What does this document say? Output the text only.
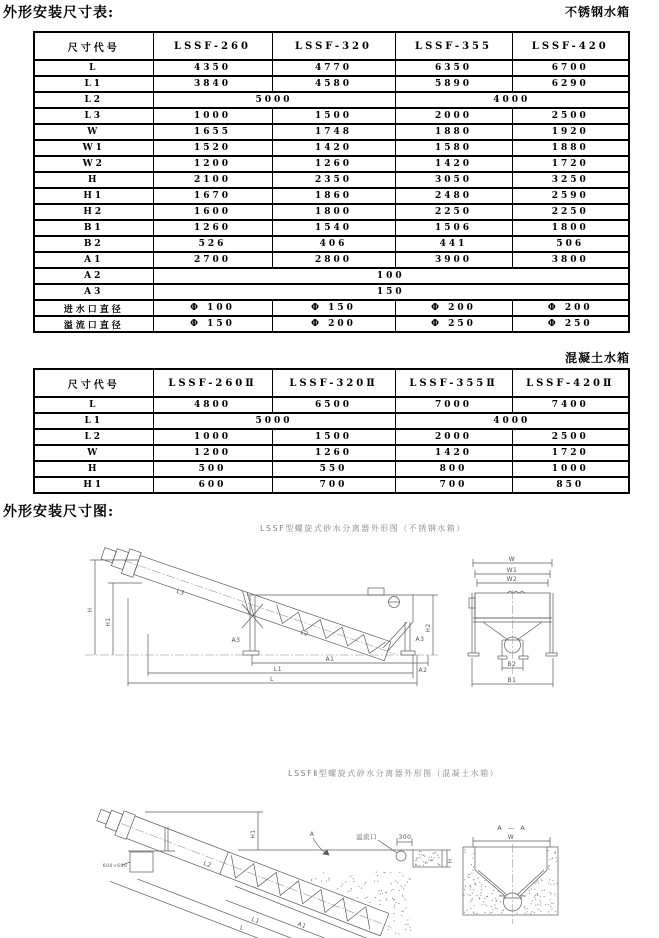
外形安装尺寸表:	不锈钢水箱
尺寸代号	LSSF-260	LSSF-320	LSSF-355	LSSF-420
L	4350	4770	6350	6700
L1	3840	4580	5890	6290
L2	5000		4000	
L3	1000	1500	2000	2500
W	1655	1748	1880	1920
W1	1520	1420	1580	1880
W2	1200	1260	1420	1720
H	2100	2350	3050	3250
H1	1670	1860	2480	2590
H2	1600	1800	2250	2250
B1	1260	1540	1506	1800
B2	526	406	441	506
A1	2700	2800	3900	3800
A2	100			
A3	150			
进水口直径	Φ 100	Φ 150	Φ 200	Φ 200
溢流口直径	Φ 150	Φ 200	Φ 250	Φ 250
混凝土水箱
尺寸代号	LSSF-260Ⅱ	LSSF-320Ⅱ	LSSF-355Ⅱ	LSSF-420Ⅱ
L	4800	6500	7000	7400
L1	5000		4000	
L2	1000	1500	2000	2500
W	1200	1260	1420	1720
H	500	550	800	1000
H1	600	700	700	850
外形安装尺寸图:
LSSF型螺旋式砂水分离器外形图（不锈钢水箱）
H
H1
H2
L3
L2
A3	A3
A1
A2
L1
L
W
W1
W2
B2
B1
LSSFⅡ型螺旋式砂水分离器外形图（混凝土水箱）
L2
A1
L1
L
溢流口	300
A
600×600
H1
H
A — A
W
